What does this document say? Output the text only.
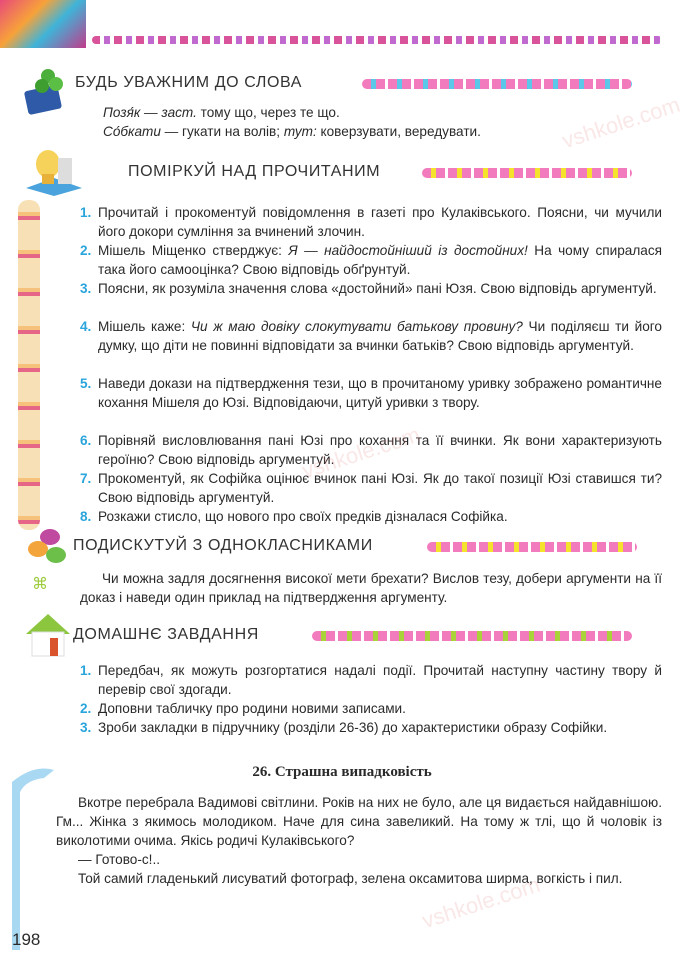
БУДЬ УВАЖНИМ ДО СЛОВА
Позя́к — заст. тому що, через те що.
Со́бкати — гукати на волів; тут: коверзувати, вередувати.
ПОМІРКУЙ НАД ПРОЧИТАНИМ
1. Прочитай і прокоментуй повідомлення в газеті про Кулаківського. Поясни, чи мучили його докори сумління за вчинений злочин.
2. Мішель Міщенко стверджує: Я — найдостойніший із достойних! На чому спиралася така його самооцінка? Свою відповідь обґрунтуй.
3. Поясни, як розуміла значення слова «достойний» пані Юзя. Свою відповідь аргументуй.
4. Мішель каже: Чи ж маю довіку слокутувати батькову провину? Чи поділяєш ти його думку, що діти не повинні відповідати за вчинки батьків? Свою відповідь аргументуй.
5. Наведи докази на підтвердження тези, що в прочитаному уривку зображено романтичне кохання Мішеля до Юзі. Відповідаючи, цитуй уривки з твору.
6. Порівняй висловлювання пані Юзі про кохання та її вчинки. Як вони характеризують героїню? Свою відповідь аргументуй.
7. Прокоментуй, як Софійка оцінює вчинок пані Юзі. Як до такої позиції Юзі ставишся ти? Свою відповідь аргументуй.
8. Розкажи стисло, що нового про своїх предків дізналася Софійка.
⌘
ПОДИСКУТУЙ З ОДНОКЛАСНИКАМИ
Чи можна задля досягнення високої мети брехати? Вислов тезу, добери аргументи на її доказ і наведи один приклад на підтвердження аргументу.
ДОМАШНЄ ЗАВДАННЯ
1. Передбач, як можуть розгортатися надалі події. Прочитай наступну частину твору й перевір свої здогади.
2. Доповни табличку про родини новими записами.
3. Зроби закладки в підручнику (розділи 26-36) до характеристики образу Софійки.
26. Страшна випадковість
Вкотре перебрала Вадимові світлини. Років на них не було, але ця видається найдавнішою. Гм... Жінка з якимось молодиком. Наче для сина завеликий. На тому ж тлі, що й чоловік із виколотими очима. Якісь родичі Кулаківського?
— Готово-с!..
Той самий гладенький лисуватий фотограф, зелена оксамитова ширма, вогкість і пил.
198
vshkole.com
vshkole.com
vshkole.com
